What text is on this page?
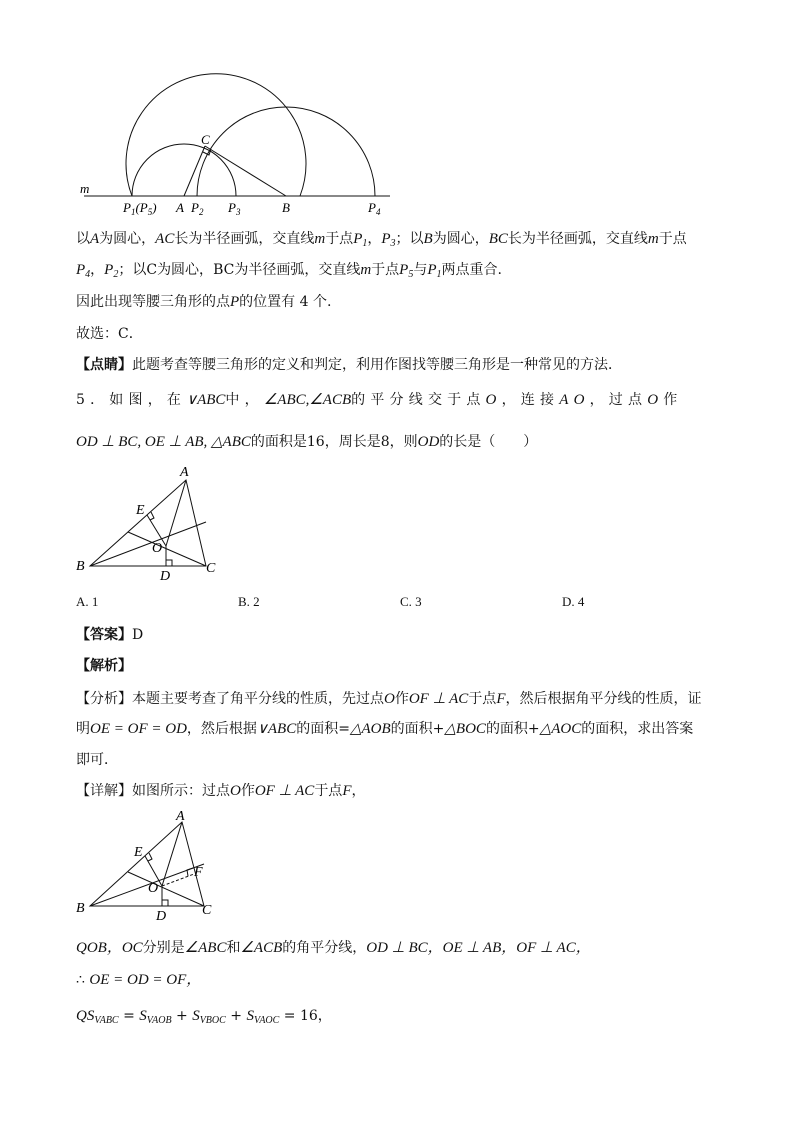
m
C
$P_1(P_5)$ A $P_2$ $P_3$	B	$P_4$
以A为圆心，AC长为半径画弧，交直线m于点$P_1$，$P_3$；以B为圆心，BC长为半径画弧，交直线m于点
$P_4$，$P_2$；以C为圆心，BC为半径画弧，交直线m于点$P_5$与$P_1$两点重合.
因此出现等腰三角形的点P的位置有 4 个.
故选：C．
【点睛】此题考查等腰三角形的定义和判定，利用作图找等腰三角形是一种常见的方法．
5．如图，在∨ABC中，∠ABC,∠ACB的平分线交于点O，连接AO，过点O作
OD ⊥ BC, OE ⊥ AB, △ABC的面积是16，周长是8，则OD的长是（　　）
A
E
O
B
D
C
A. 1	B. 2	C. 3	D. 4
【答案】D
【解析】
【分析】本题主要考查了角平分线的性质，先过点O作OF ⊥ AC于点F，然后根据角平分线的性质，证
明OE = OF = OD，然后根据∨ABC的面积=△AOB的面积+△BOC的面积+△AOC的面积，求出答案
即可．
【详解】如图所示：过点O作OF ⊥ AC于点F，
A
E
F
O
B
D	C
QOB，OC分别是∠ABC和∠ACB的角平分线，OD ⊥ BC，OE ⊥ AB，OF ⊥ AC，
∴ OE = OD = OF，
$QS_{VABC} = S_{VAOB} + S_{VBOC} + S_{VAOC} = 16$，
